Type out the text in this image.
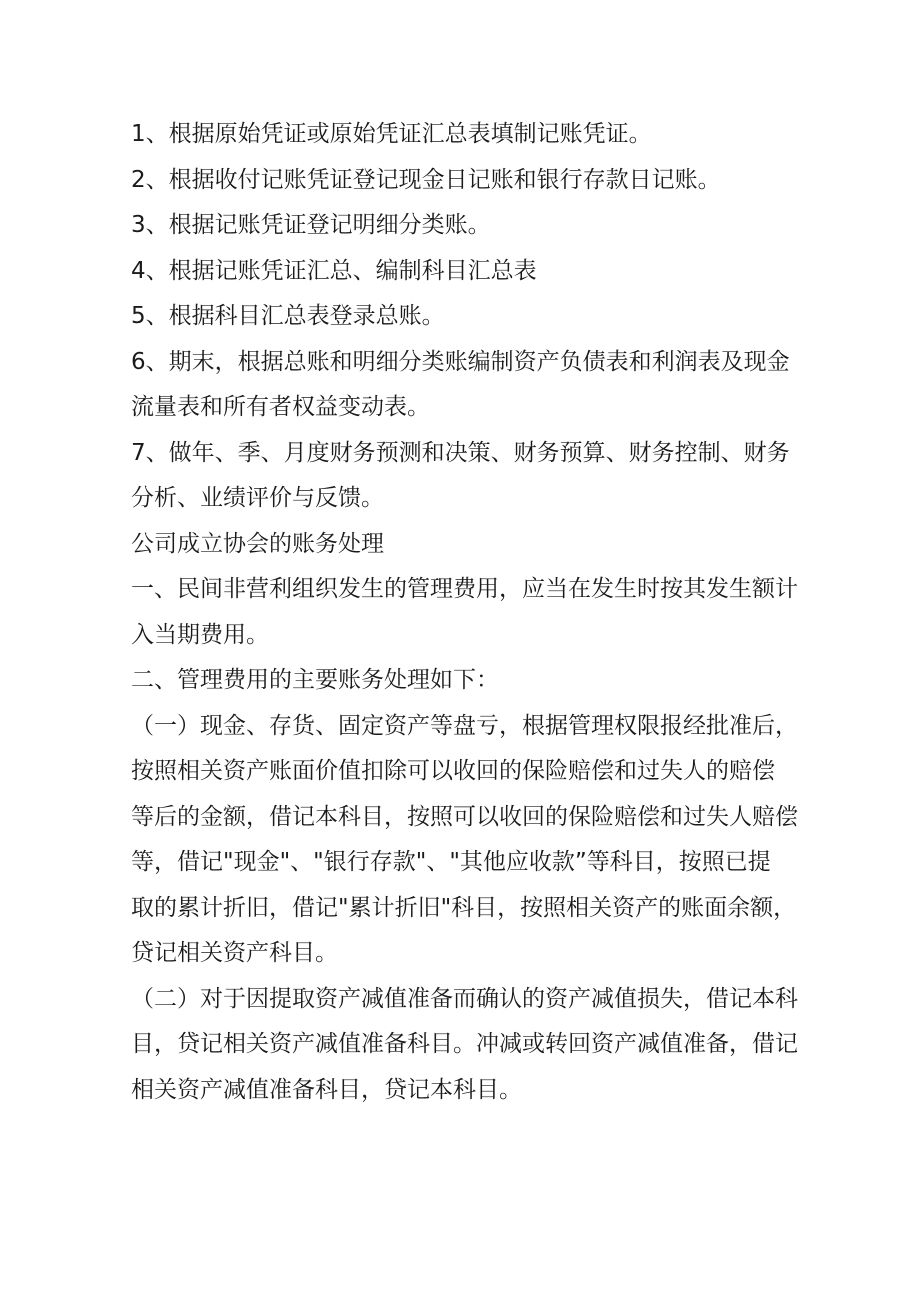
1、根据原始凭证或原始凭证汇总表填制记账凭证。

2、根据收付记账凭证登记现金日记账和银行存款日记账。

3、根据记账凭证登记明细分类账。

4、根据记账凭证汇总、编制科目汇总表

5、根据科目汇总表登录总账。

6、期末，根据总账和明细分类账编制资产负债表和利润表及现金

流量表和所有者权益变动表。

7、做年、季、月度财务预测和决策、财务预算、财务控制、财务

分析、业绩评价与反馈。

公司成立协会的账务处理

一、民间非营利组织发生的管理费用，应当在发生时按其发生额计

入当期费用。

二、管理费用的主要账务处理如下：

（一）现金、存货、固定资产等盘亏，根据管理权限报经批准后，

按照相关资产账面价值扣除可以收回的保险赔偿和过失人的赔偿

等后的金额，借记本科目，按照可以收回的保险赔偿和过失人赔偿

等，借记"现金"、"银行存款"、"其他应收款”等科目，按照已提

取的累计折旧，借记"累计折旧"科目，按照相关资产的账面余额，

贷记相关资产科目。

（二）对于因提取资产减值准备而确认的资产减值损失，借记本科

目，贷记相关资产减值准备科目。冲减或转回资产减值准备，借记

相关资产减值准备科目，贷记本科目。
